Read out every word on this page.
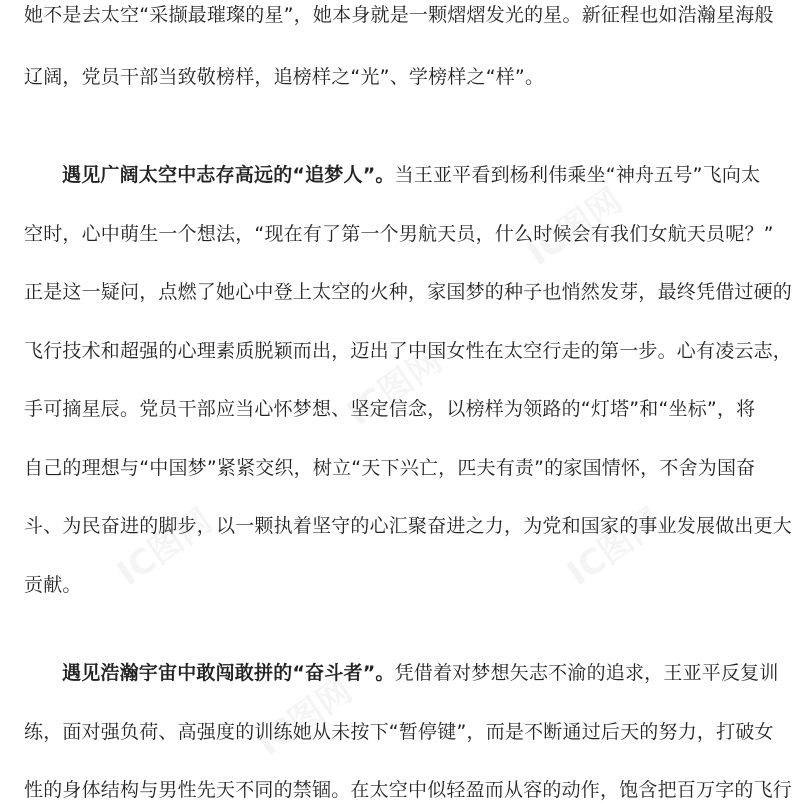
她不是去太空“采撷最璀璨的星”，她本身就是一颗熠熠发光的星。新征程也如浩瀚星海般
辽阔，党员干部当致敬榜样，追榜样之“光”、学榜样之“样”。
遇见广阔太空中志存高远的“追梦人”。当王亚平看到杨利伟乘坐“神舟五号”飞向太
空时，心中萌生一个想法，“现在有了第一个男航天员，什么时候会有我们女航天员呢？”
正是这一疑问，点燃了她心中登上太空的火种，家国梦的种子也悄然发芽，最终凭借过硬的
飞行技术和超强的心理素质脱颖而出，迈出了中国女性在太空行走的第一步。心有凌云志，
手可摘星辰。党员干部应当心怀梦想、坚定信念，以榜样为领路的“灯塔”和“坐标”，将
自己的理想与“中国梦”紧紧交织，树立“天下兴亡，匹夫有责”的家国情怀，不舍为国奋
斗、为民奋进的脚步，以一颗执着坚守的心汇聚奋进之力，为党和国家的事业发展做出更大
贡献。
遇见浩瀚宇宙中敢闯敢拼的“奋斗者”。凭借着对梦想矢志不渝的追求，王亚平反复训
练，面对强负荷、高强度的训练她从未按下“暂停键”，而是不断通过后天的努力，打破女
性的身体结构与男性先天不同的禁锢。在太空中似轻盈而从容的动作，饱含把百万字的飞行
